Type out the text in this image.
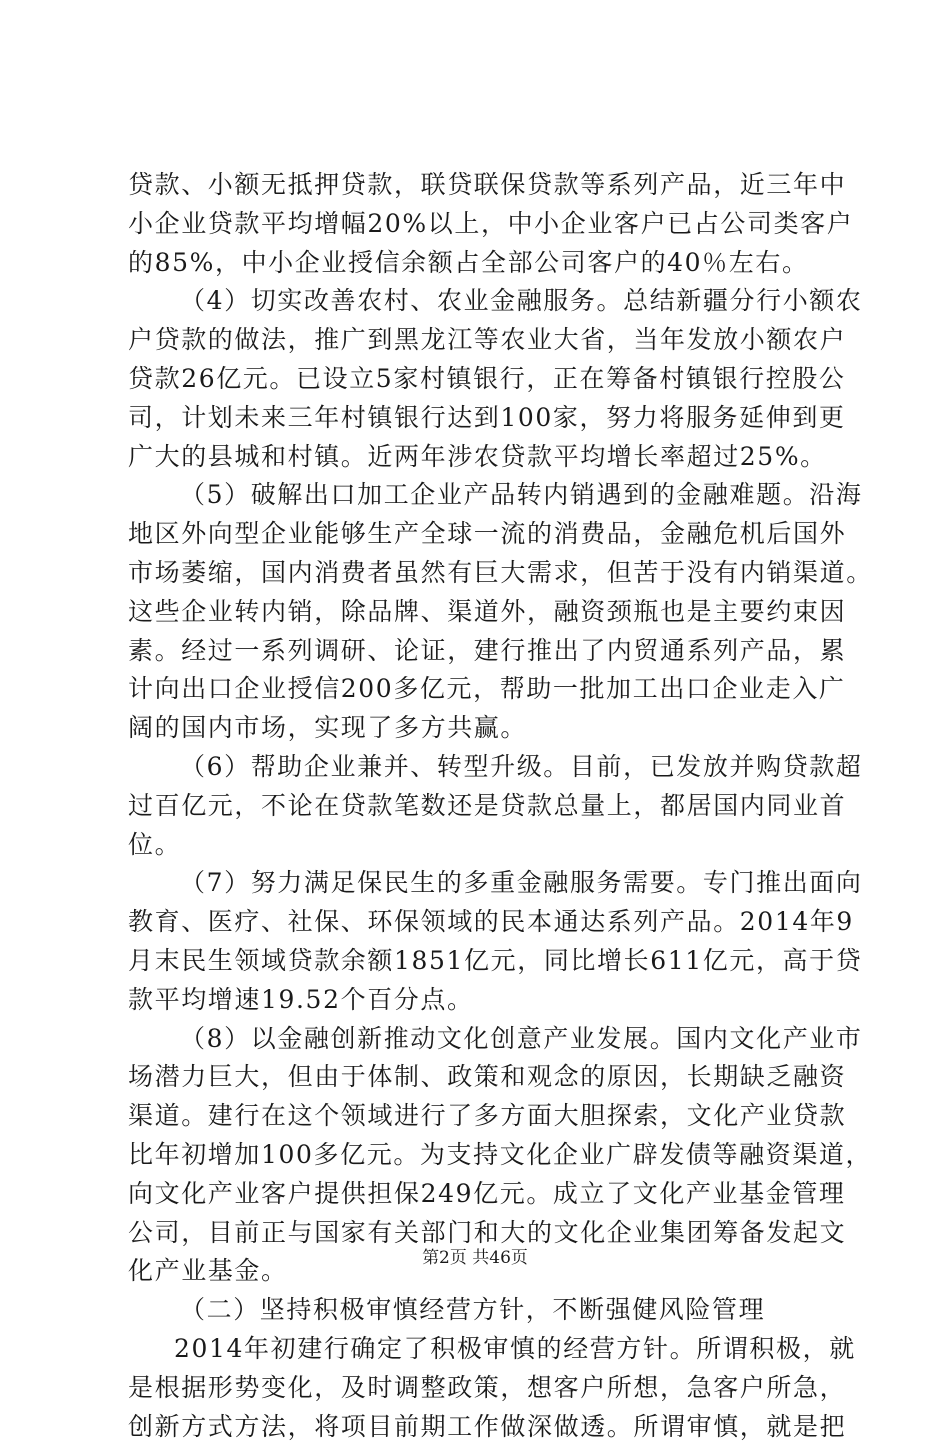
贷款、小额无抵押贷款，联贷联保贷款等系列产品，近三年中
小企业贷款平均增幅20%以上，中小企业客户已占公司类客户
的85%，中小企业授信余额占全部公司客户的40％左右。
（4）切实改善农村、农业金融服务。总结新疆分行小额农
户贷款的做法，推广到黑龙江等农业大省，当年发放小额农户
贷款26亿元。已设立5家村镇银行，正在筹备村镇银行控股公
司，计划未来三年村镇银行达到100家，努力将服务延伸到更
广大的县城和村镇。近两年涉农贷款平均增长率超过25%。
（5）破解出口加工企业产品转内销遇到的金融难题。沿海
地区外向型企业能够生产全球一流的消费品，金融危机后国外
市场萎缩，国内消费者虽然有巨大需求，但苦于没有内销渠道。
这些企业转内销，除品牌、渠道外，融资颈瓶也是主要约束因
素。经过一系列调研、论证，建行推出了内贸通系列产品，累
计向出口企业授信200多亿元，帮助一批加工出口企业走入广
阔的国内市场，实现了多方共赢。
（6）帮助企业兼并、转型升级。目前，已发放并购贷款超
过百亿元，不论在贷款笔数还是贷款总量上，都居国内同业首
位。
（7）努力满足保民生的多重金融服务需要。专门推出面向
教育、医疗、社保、环保领域的民本通达系列产品。2014年9
月末民生领域贷款余额1851亿元，同比增长611亿元，高于贷
款平均增速19.52个百分点。
（8）以金融创新推动文化创意产业发展。国内文化产业市
场潜力巨大，但由于体制、政策和观念的原因，长期缺乏融资
渠道。建行在这个领域进行了多方面大胆探索，文化产业贷款
比年初增加100多亿元。为支持文化企业广辟发债等融资渠道，
向文化产业客户提供担保249亿元。成立了文化产业基金管理
公司，目前正与国家有关部门和大的文化企业集团筹备发起文
化产业基金。
（二）坚持积极审慎经营方针，不断强健风险管理
2014年初建行确定了积极审慎的经营方针。所谓积极，就
是根据形势变化，及时调整政策，想客户所想，急客户所急，
创新方式方法，将项目前期工作做深做透。所谓审慎，就是把
第2页 共46页
